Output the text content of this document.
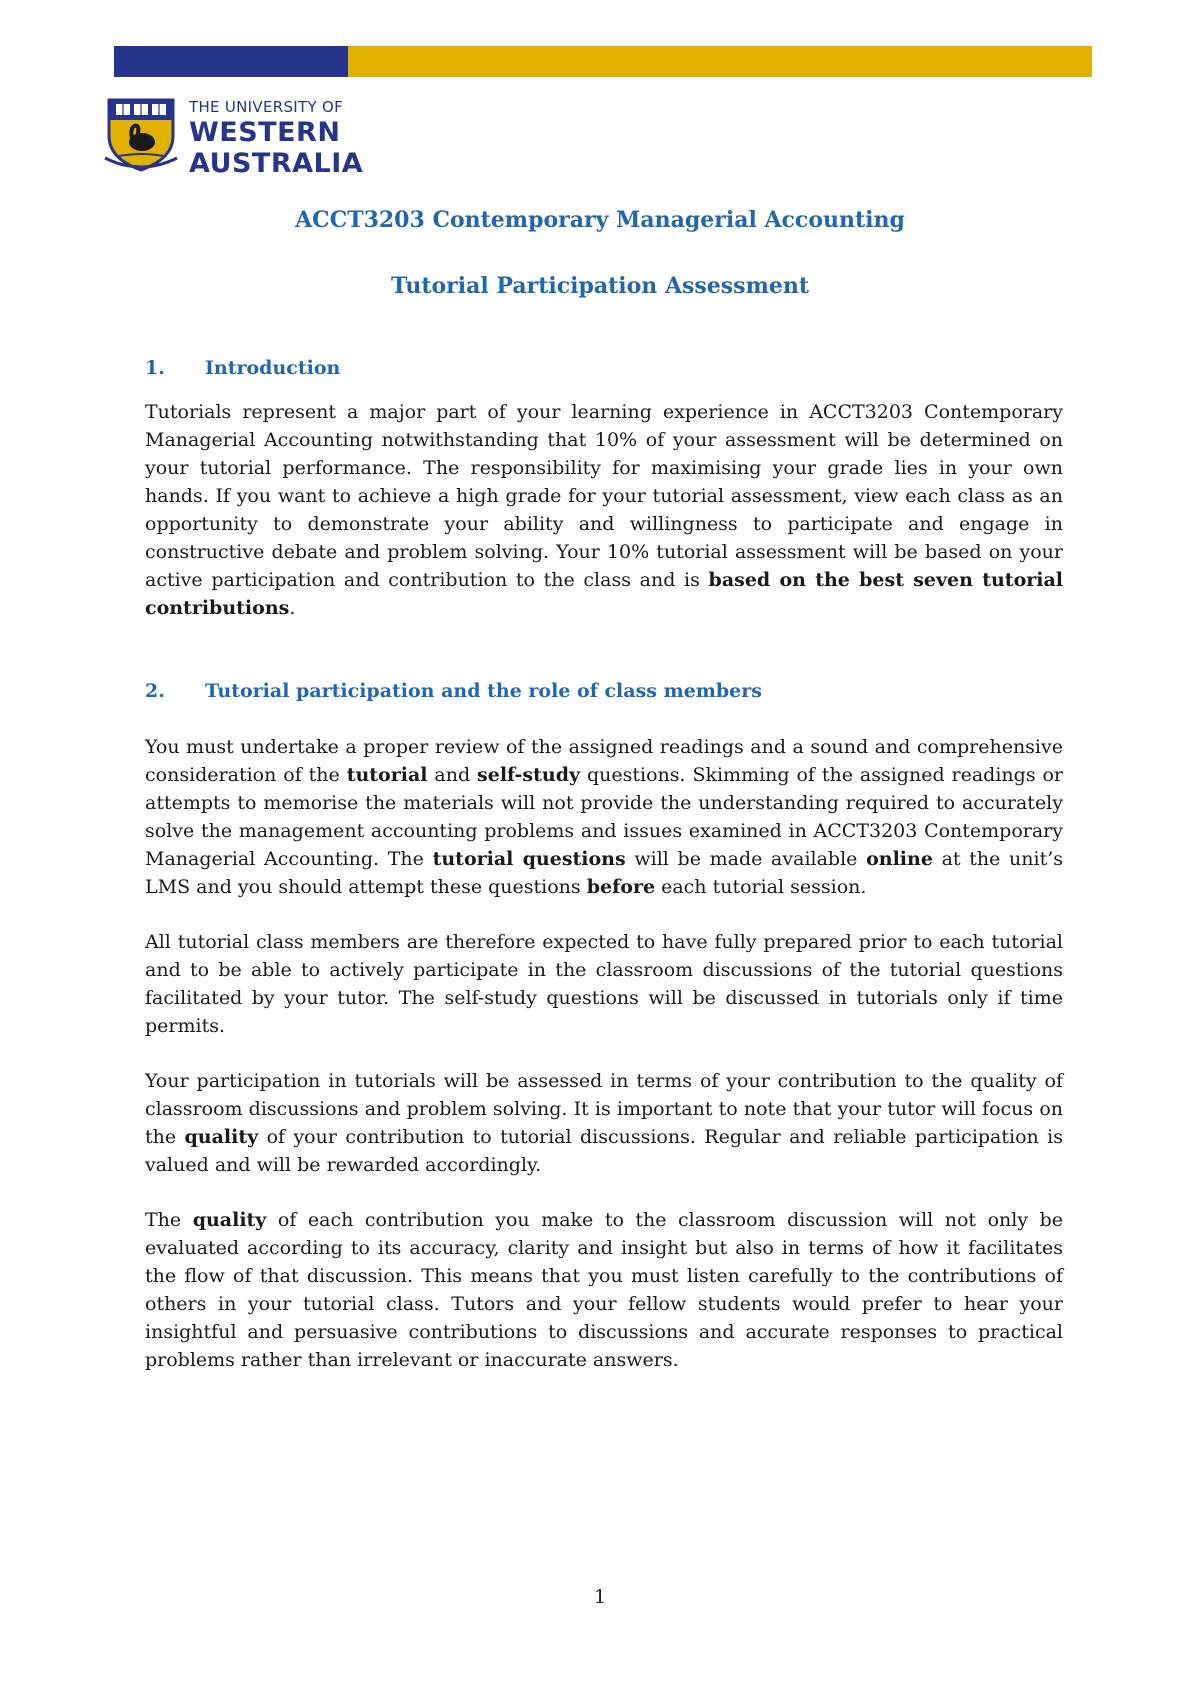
THE UNIVERSITY OF
WESTERN
AUSTRALIA
ACCT3203 Contemporary Managerial Accounting
Tutorial Participation Assessment
1. Introduction

Tutorials represent a major part of your learning experience in ACCT3203 Contemporary Managerial Accounting notwithstanding that 10% of your assessment will be determined on your tutorial performance. The responsibility for maximising your grade lies in your own hands. If you want to achieve a high grade for your tutorial assessment, view each class as an opportunity to demonstrate your ability and willingness to participate and engage in constructive debate and problem solving. Your 10% tutorial assessment will be based on your active participation and contribution to the class and is based on the best seven tutorial contributions.

2. Tutorial participation and the role of class members

You must undertake a proper review of the assigned readings and a sound and comprehensive consideration of the tutorial and self-study questions. Skimming of the assigned readings or attempts to memorise the materials will not provide the understanding required to accurately solve the management accounting problems and issues examined in ACCT3203 Contemporary Managerial Accounting. The tutorial questions will be made available online at the unit’s LMS and you should attempt these questions before each tutorial session.

All tutorial class members are therefore expected to have fully prepared prior to each tutorial and to be able to actively participate in the classroom discussions of the tutorial questions facilitated by your tutor. The self-study questions will be discussed in tutorials only if time permits.

Your participation in tutorials will be assessed in terms of your contribution to the quality of classroom discussions and problem solving. It is important to note that your tutor will focus on the quality of your contribution to tutorial discussions. Regular and reliable participation is valued and will be rewarded accordingly.

The quality of each contribution you make to the classroom discussion will not only be evaluated according to its accuracy, clarity and insight but also in terms of how it facilitates the flow of that discussion. This means that you must listen carefully to the contributions of others in your tutorial class. Tutors and your fellow students would prefer to hear your insightful and persuasive contributions to discussions and accurate responses to practical problems rather than irrelevant or inaccurate answers.

1
